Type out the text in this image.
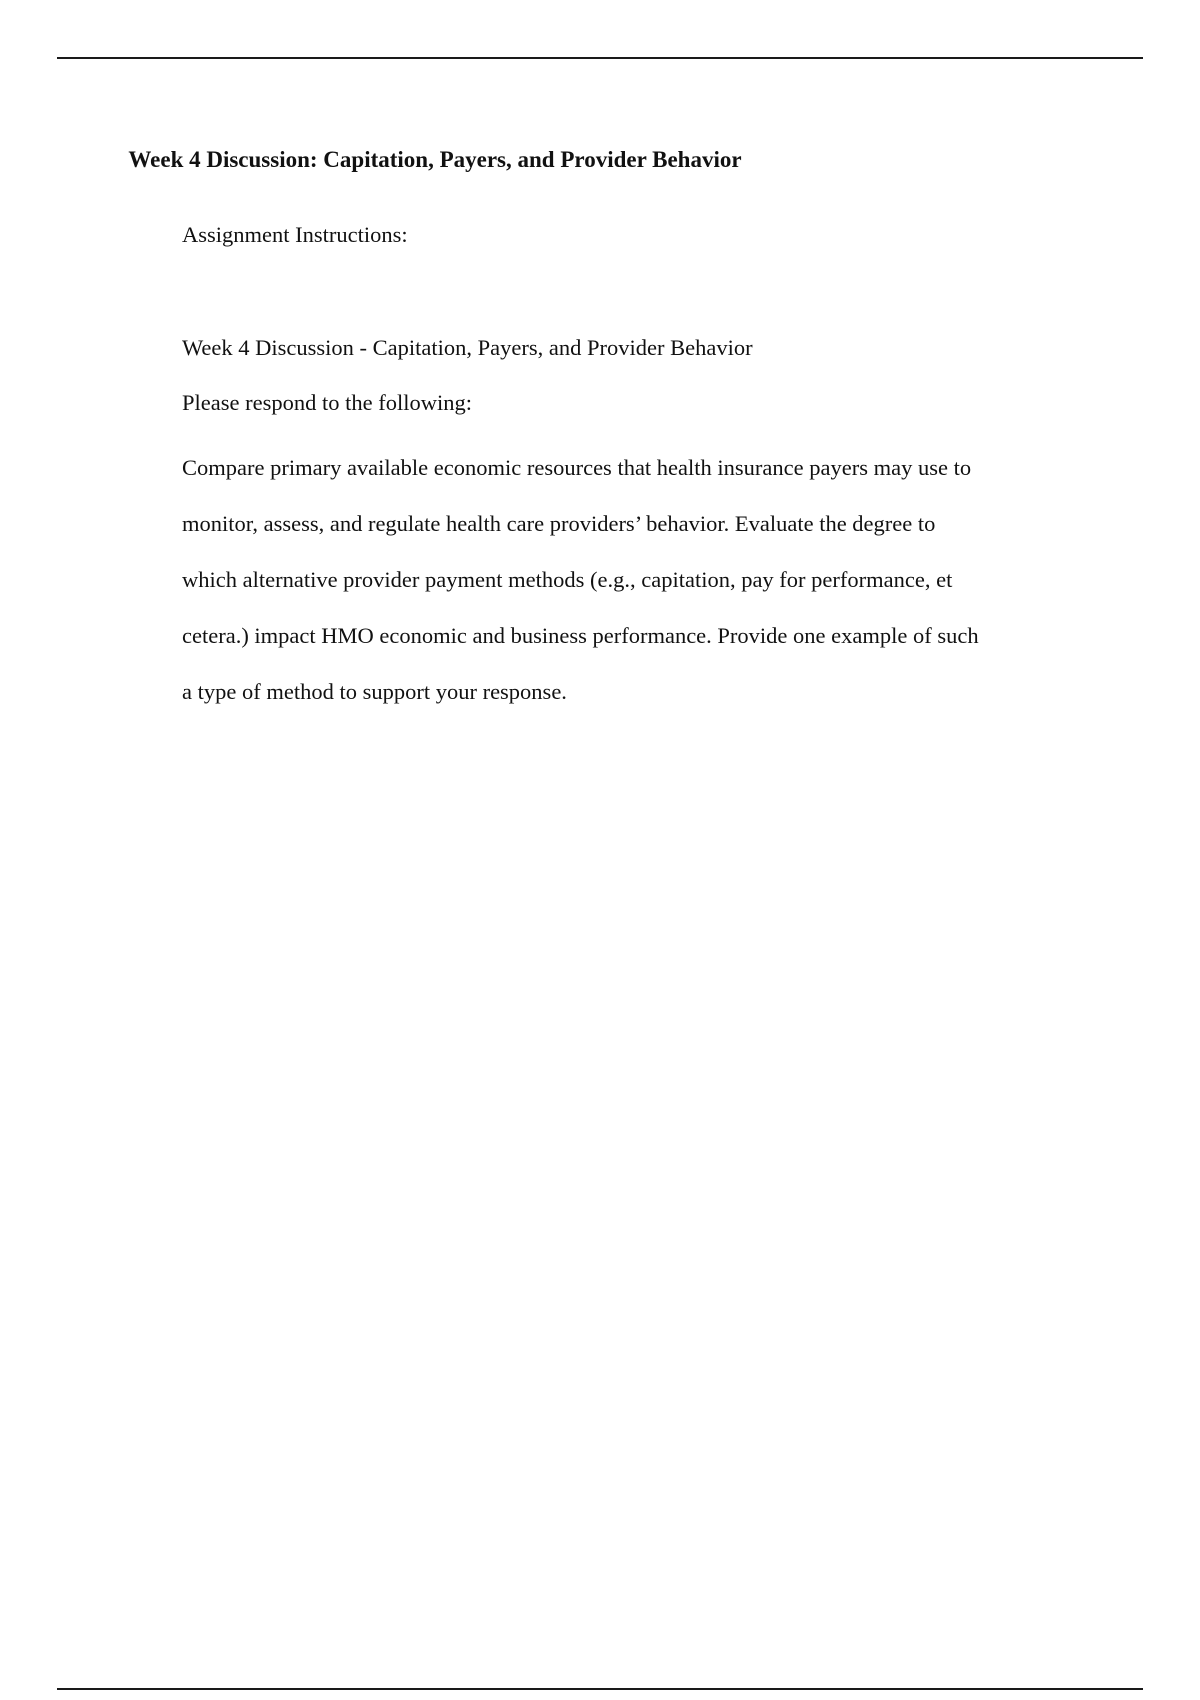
Week 4 Discussion: Capitation, Payers, and Provider Behavior

Assignment Instructions:

Week 4 Discussion - Capitation, Payers, and Provider Behavior

Please respond to the following:

Compare primary available economic resources that health insurance payers may use to
monitor, assess, and regulate health care providers’ behavior. Evaluate the degree to
which alternative provider payment methods (e.g., capitation, pay for performance, et
cetera.) impact HMO economic and business performance. Provide one example of such
a type of method to support your response.
